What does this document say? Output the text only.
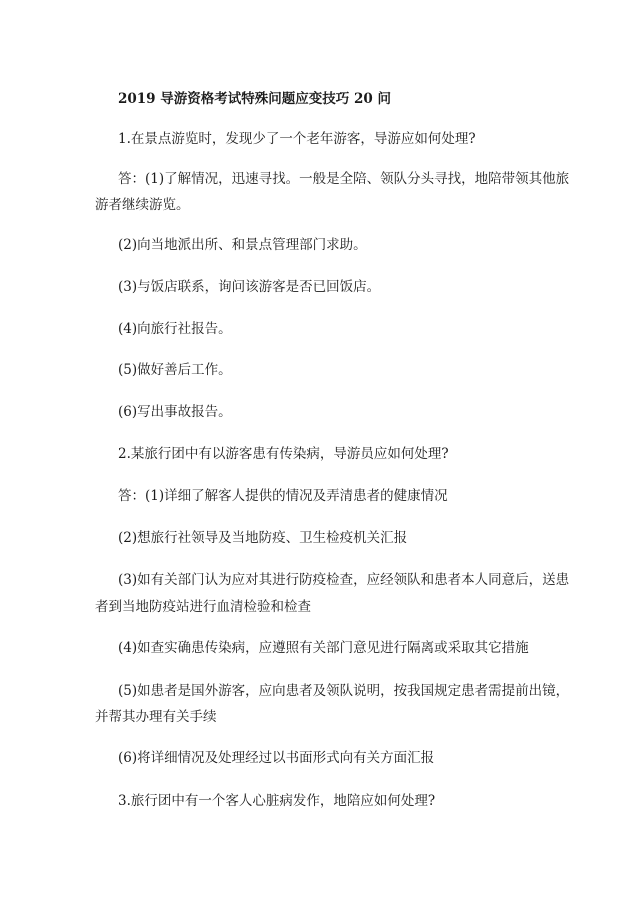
2019 导游资格考试特殊问题应变技巧 20 问
1.在景点游览时，发现少了一个老年游客，导游应如何处理?
答：(1)了解情况，迅速寻找。一般是全陪、领队分头寻找，地陪带领其他旅
游者继续游览。
(2)向当地派出所、和景点管理部门求助。
(3)与饭店联系，询问该游客是否已回饭店。
(4)向旅行社报告。
(5)做好善后工作。
(6)写出事故报告。
2.某旅行团中有以游客患有传染病，导游员应如何处理?
答：(1)详细了解客人提供的情况及弄清患者的健康情况
(2)想旅行社领导及当地防疫、卫生检疫机关汇报
(3)如有关部门认为应对其进行防疫检查，应经领队和患者本人同意后，送患
者到当地防疫站进行血清检验和检查
(4)如查实确患传染病，应遵照有关部门意见进行隔离或采取其它措施
(5)如患者是国外游客，应向患者及领队说明，按我国规定患者需提前出镜，
并帮其办理有关手续
(6)将详细情况及处理经过以书面形式向有关方面汇报
3.旅行团中有一个客人心脏病发作，地陪应如何处理?
